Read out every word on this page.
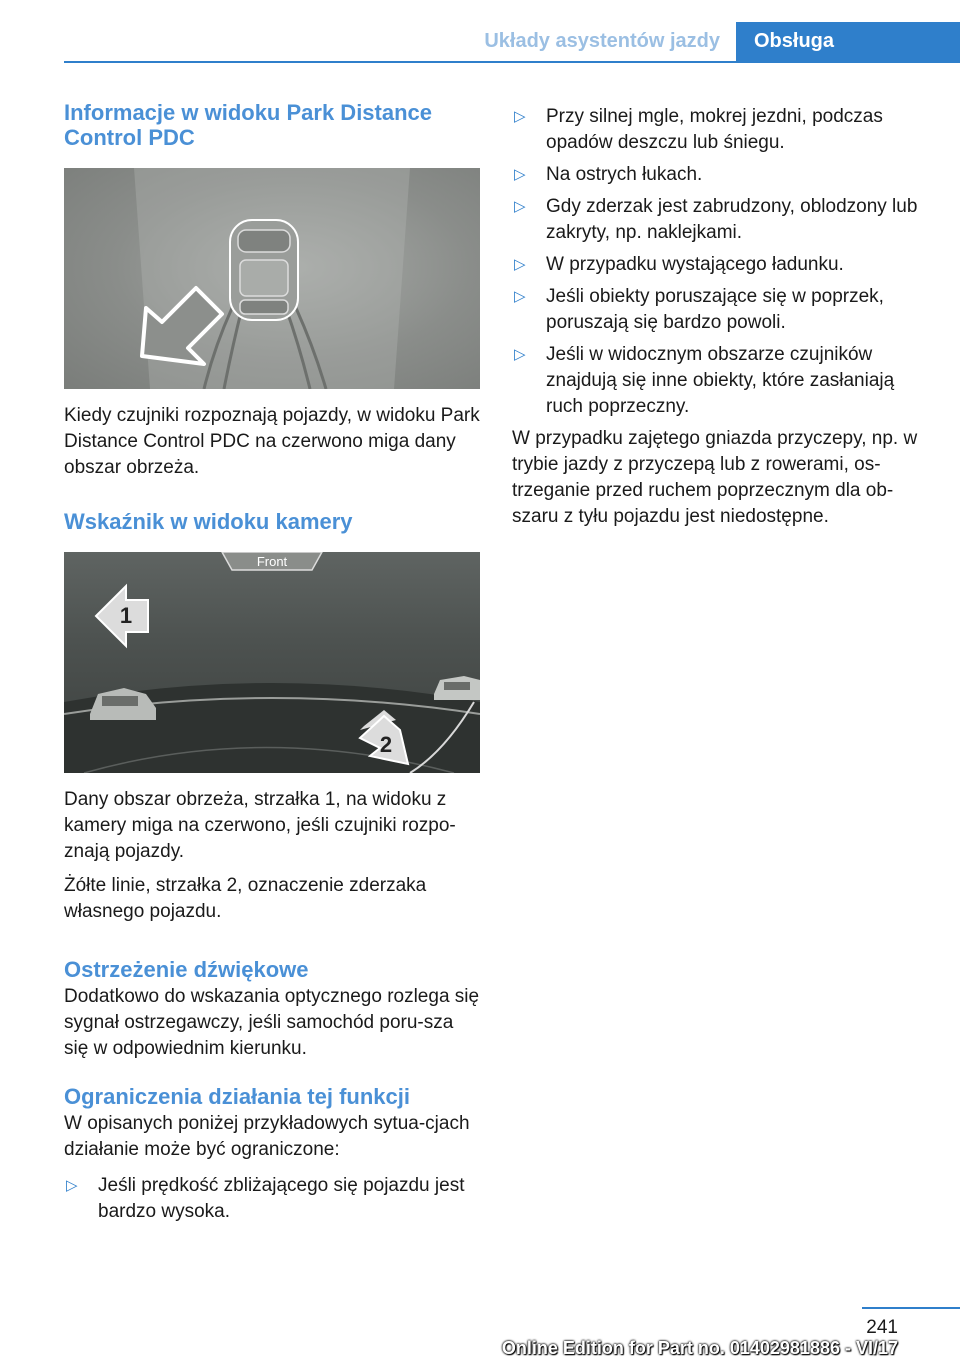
Układy asystentów jazdy	Obsługa
Informacje w widoku Park Distance Control PDC

Kiedy czujniki rozpoznają pojazdy, w widoku Park Distance Control PDC na czerwono miga dany obszar obrzeża.

Wskaźnik w widoku kamery
Front
1
2

Dany obszar obrzeża, strzałka 1, na widoku z kamery miga na czerwono, jeśli czujniki rozpo‐znają pojazdy.

Żółte linie, strzałka 2, oznaczenie zderzaka własnego pojazdu.

Ostrzeżenie dźwiękowe

Dodatkowo do wskazania optycznego rozlega się sygnał ostrzegawczy, jeśli samochód poru‐sza się w odpowiednim kierunku.

Ograniczenia działania tej funkcji

W opisanych poniżej przykładowych sytua‐cjach działanie może być ograniczone:

▷ Jeśli prędkość zbliżającego się pojazdu jest bardzo wysoka.
▷ Przy silnej mgle, mokrej jezdni, podczas opadów deszczu lub śniegu.
▷ Na ostrych łukach.
▷ Gdy zderzak jest zabrudzony, oblodzony lub zakryty, np. naklejkami.
▷ W przypadku wystającego ładunku.
▷ Jeśli obiekty poruszające się w poprzek, poruszają się bardzo powoli.
▷ Jeśli w widocznym obszarze czujników znajdują się inne obiekty, które zasłaniają ruch poprzeczny.

W przypadku zajętego gniazda przyczepy, np. w trybie jazdy z przyczepą lub z rowerami, os‐trzeganie przed ruchem poprzecznym dla ob‐szaru z tyłu pojazdu jest niedostępne.

241
Online Edition for Part no. 01402981886 - VI/17
